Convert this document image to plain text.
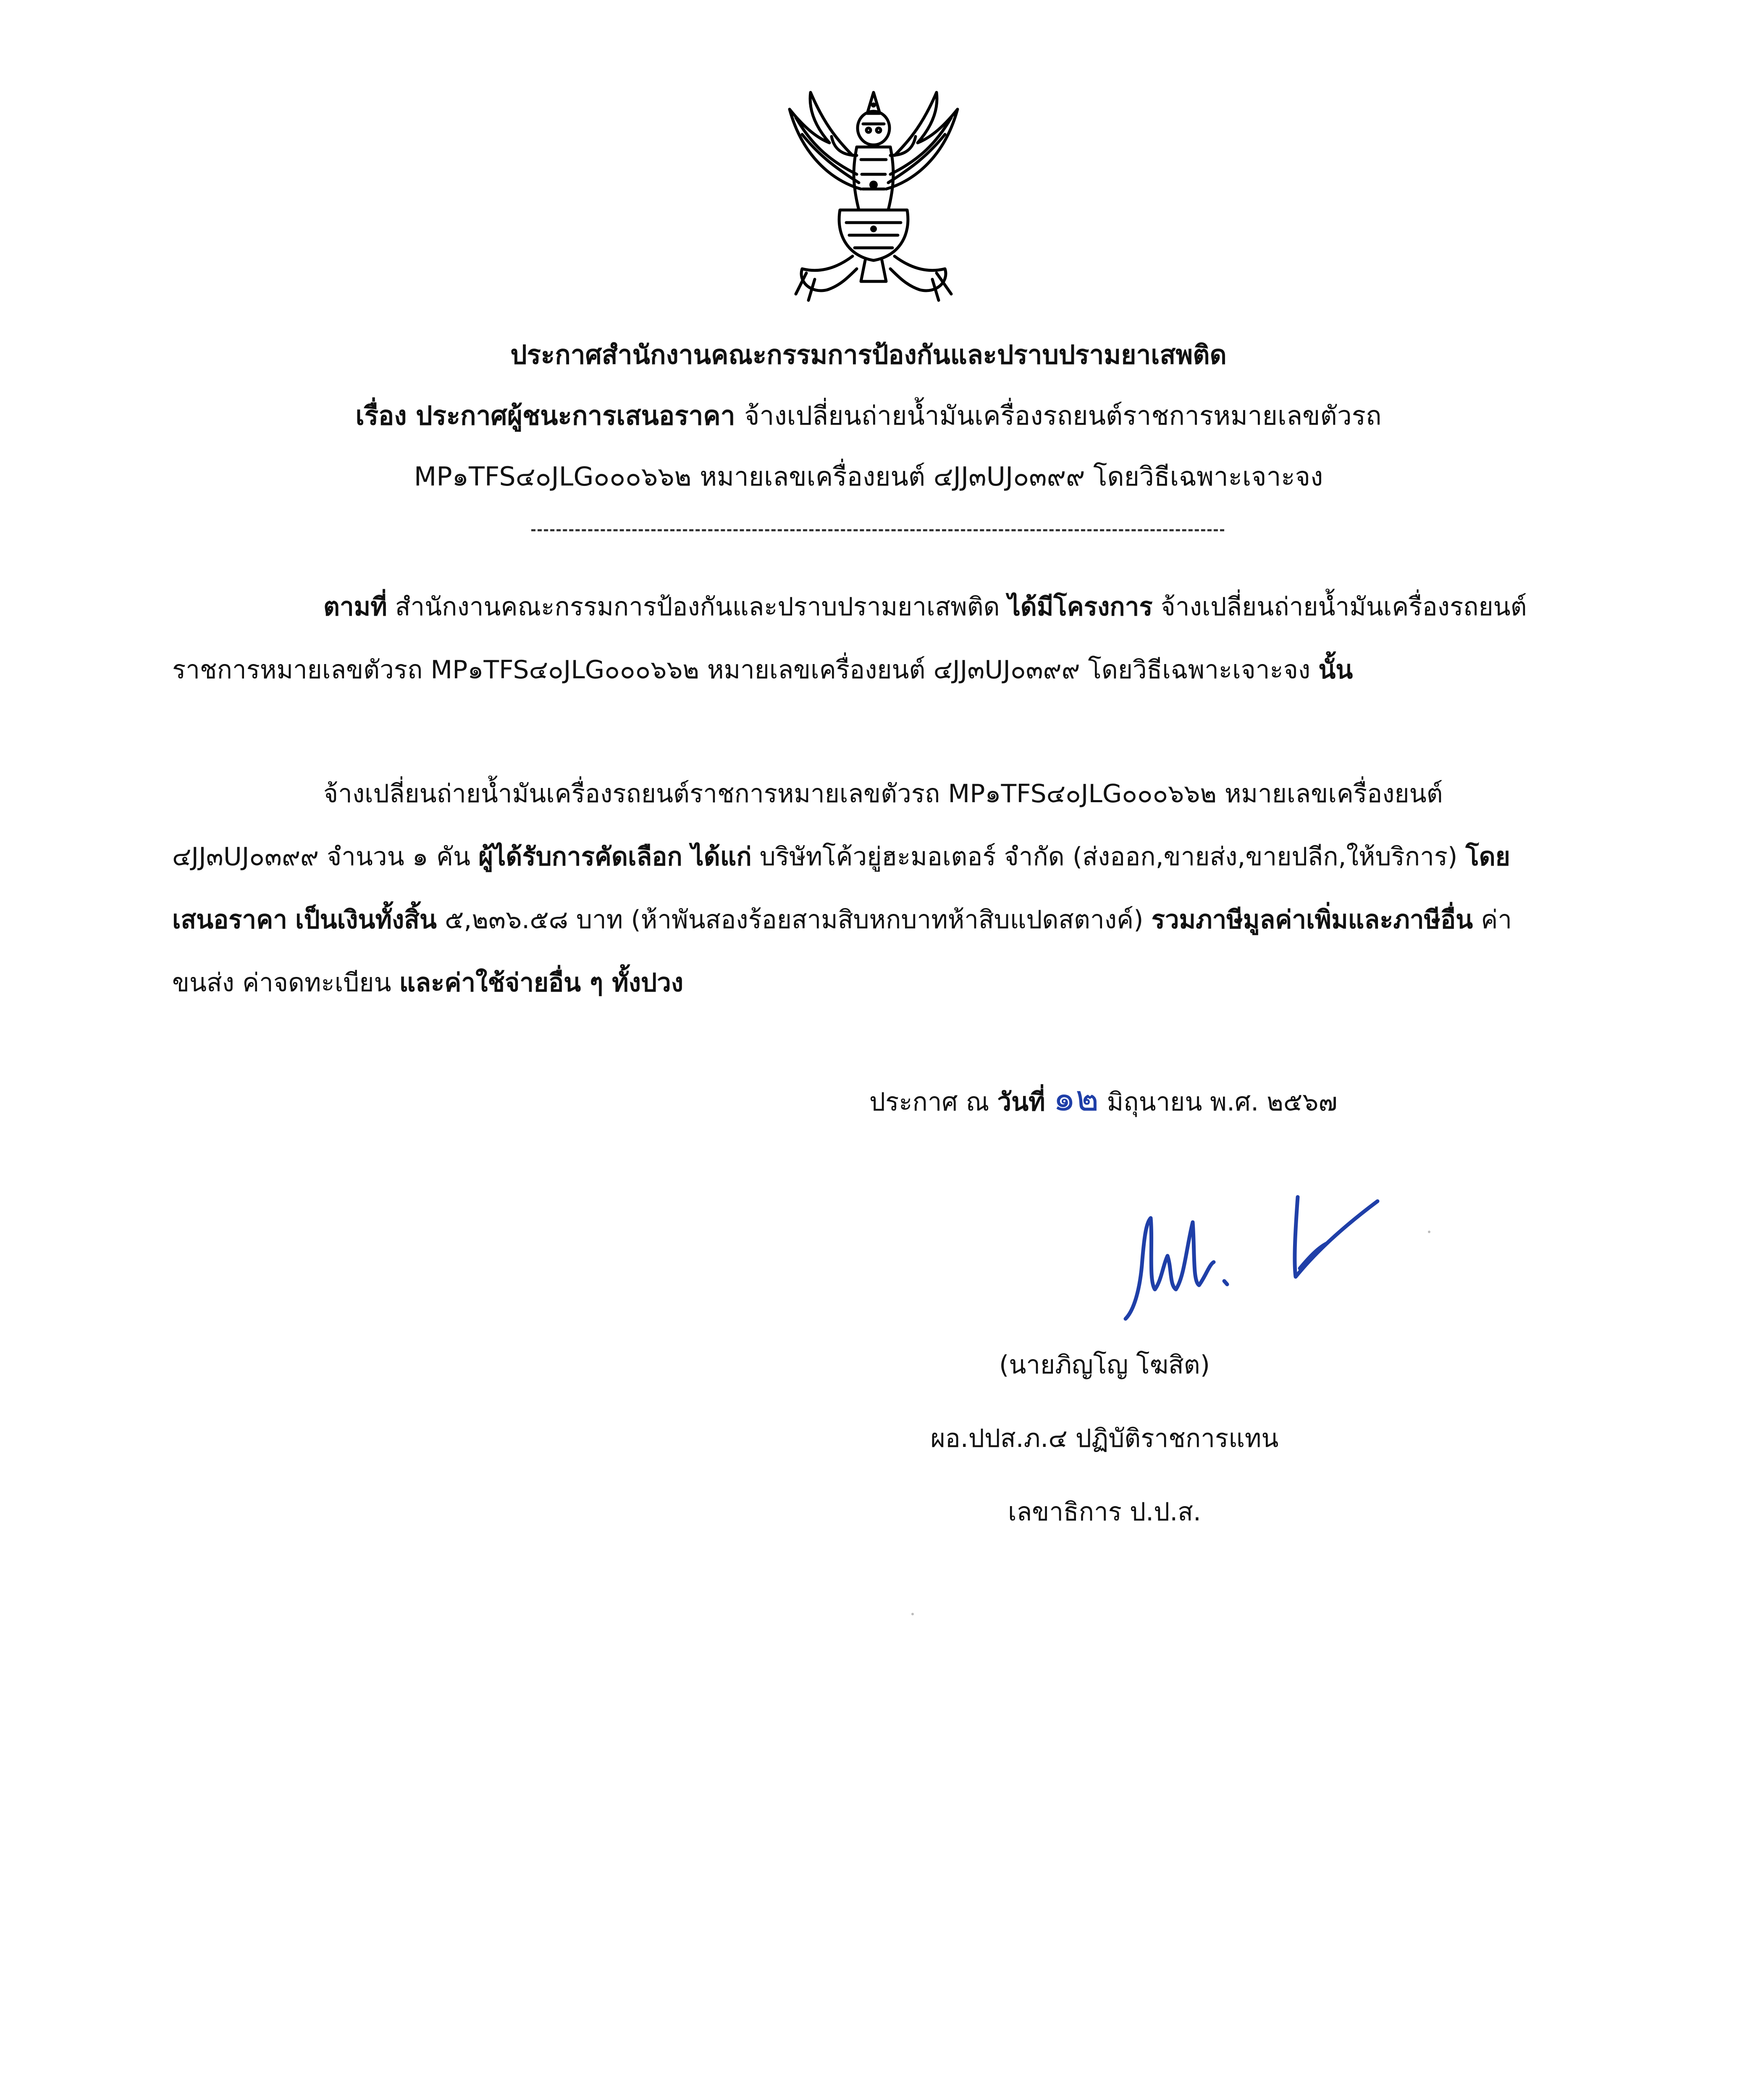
ประกาศสำนักงานคณะกรรมการป้องกันและปราบปรามยาเสพติด
เรื่อง ประกาศผู้ชนะการเสนอราคา จ้างเปลี่ยนถ่ายน้ำมันเครื่องรถยนต์ราชการหมายเลขตัวรถ
MP๑TFS๔๐JLG๐๐๐๖๖๒ หมายเลขเครื่องยนต์ ๔JJ๓UJ๐๓๙๙ โดยวิธีเฉพาะเจาะจง
ตามที่ สำนักงานคณะกรรมการป้องกันและปราบปรามยาเสพติด ได้มีโครงการ จ้างเปลี่ยนถ่ายน้ำมันเครื่องรถยนต์ราชการหมายเลขตัวรถ MP๑TFS๔๐JLG๐๐๐๖๖๒ หมายเลขเครื่องยนต์ ๔JJ๓UJ๐๓๙๙ โดยวิธีเฉพาะเจาะจง นั้น
จ้างเปลี่ยนถ่ายน้ำมันเครื่องรถยนต์ราชการหมายเลขตัวรถ MP๑TFS๔๐JLG๐๐๐๖๖๒ หมายเลขเครื่องยนต์ ๔JJ๓UJ๐๓๙๙ จำนวน ๑ คัน ผู้ได้รับการคัดเลือก ได้แก่ บริษัทโค้วยู่ฮะมอเตอร์ จำกัด (ส่งออก,ขายส่ง,ขายปลีก,ให้บริการ) โดยเสนอราคา เป็นเงินทั้งสิ้น ๕,๒๓๖.๕๘ บาท (ห้าพันสองร้อยสามสิบหกบาทห้าสิบแปดสตางค์) รวมภาษีมูลค่าเพิ่มและภาษีอื่น ค่าขนส่ง ค่าจดทะเบียน และค่าใช้จ่ายอื่น ๆ ทั้งปวง
ประกาศ ณ วันที่ ๑๒ มิถุนายน พ.ศ. ๒๕๖๗
(นายภิญโญ โฆสิต)
ผอ.ปปส.ภ.๔ ปฏิบัติราชการแทน
เลขาธิการ ป.ป.ส.
